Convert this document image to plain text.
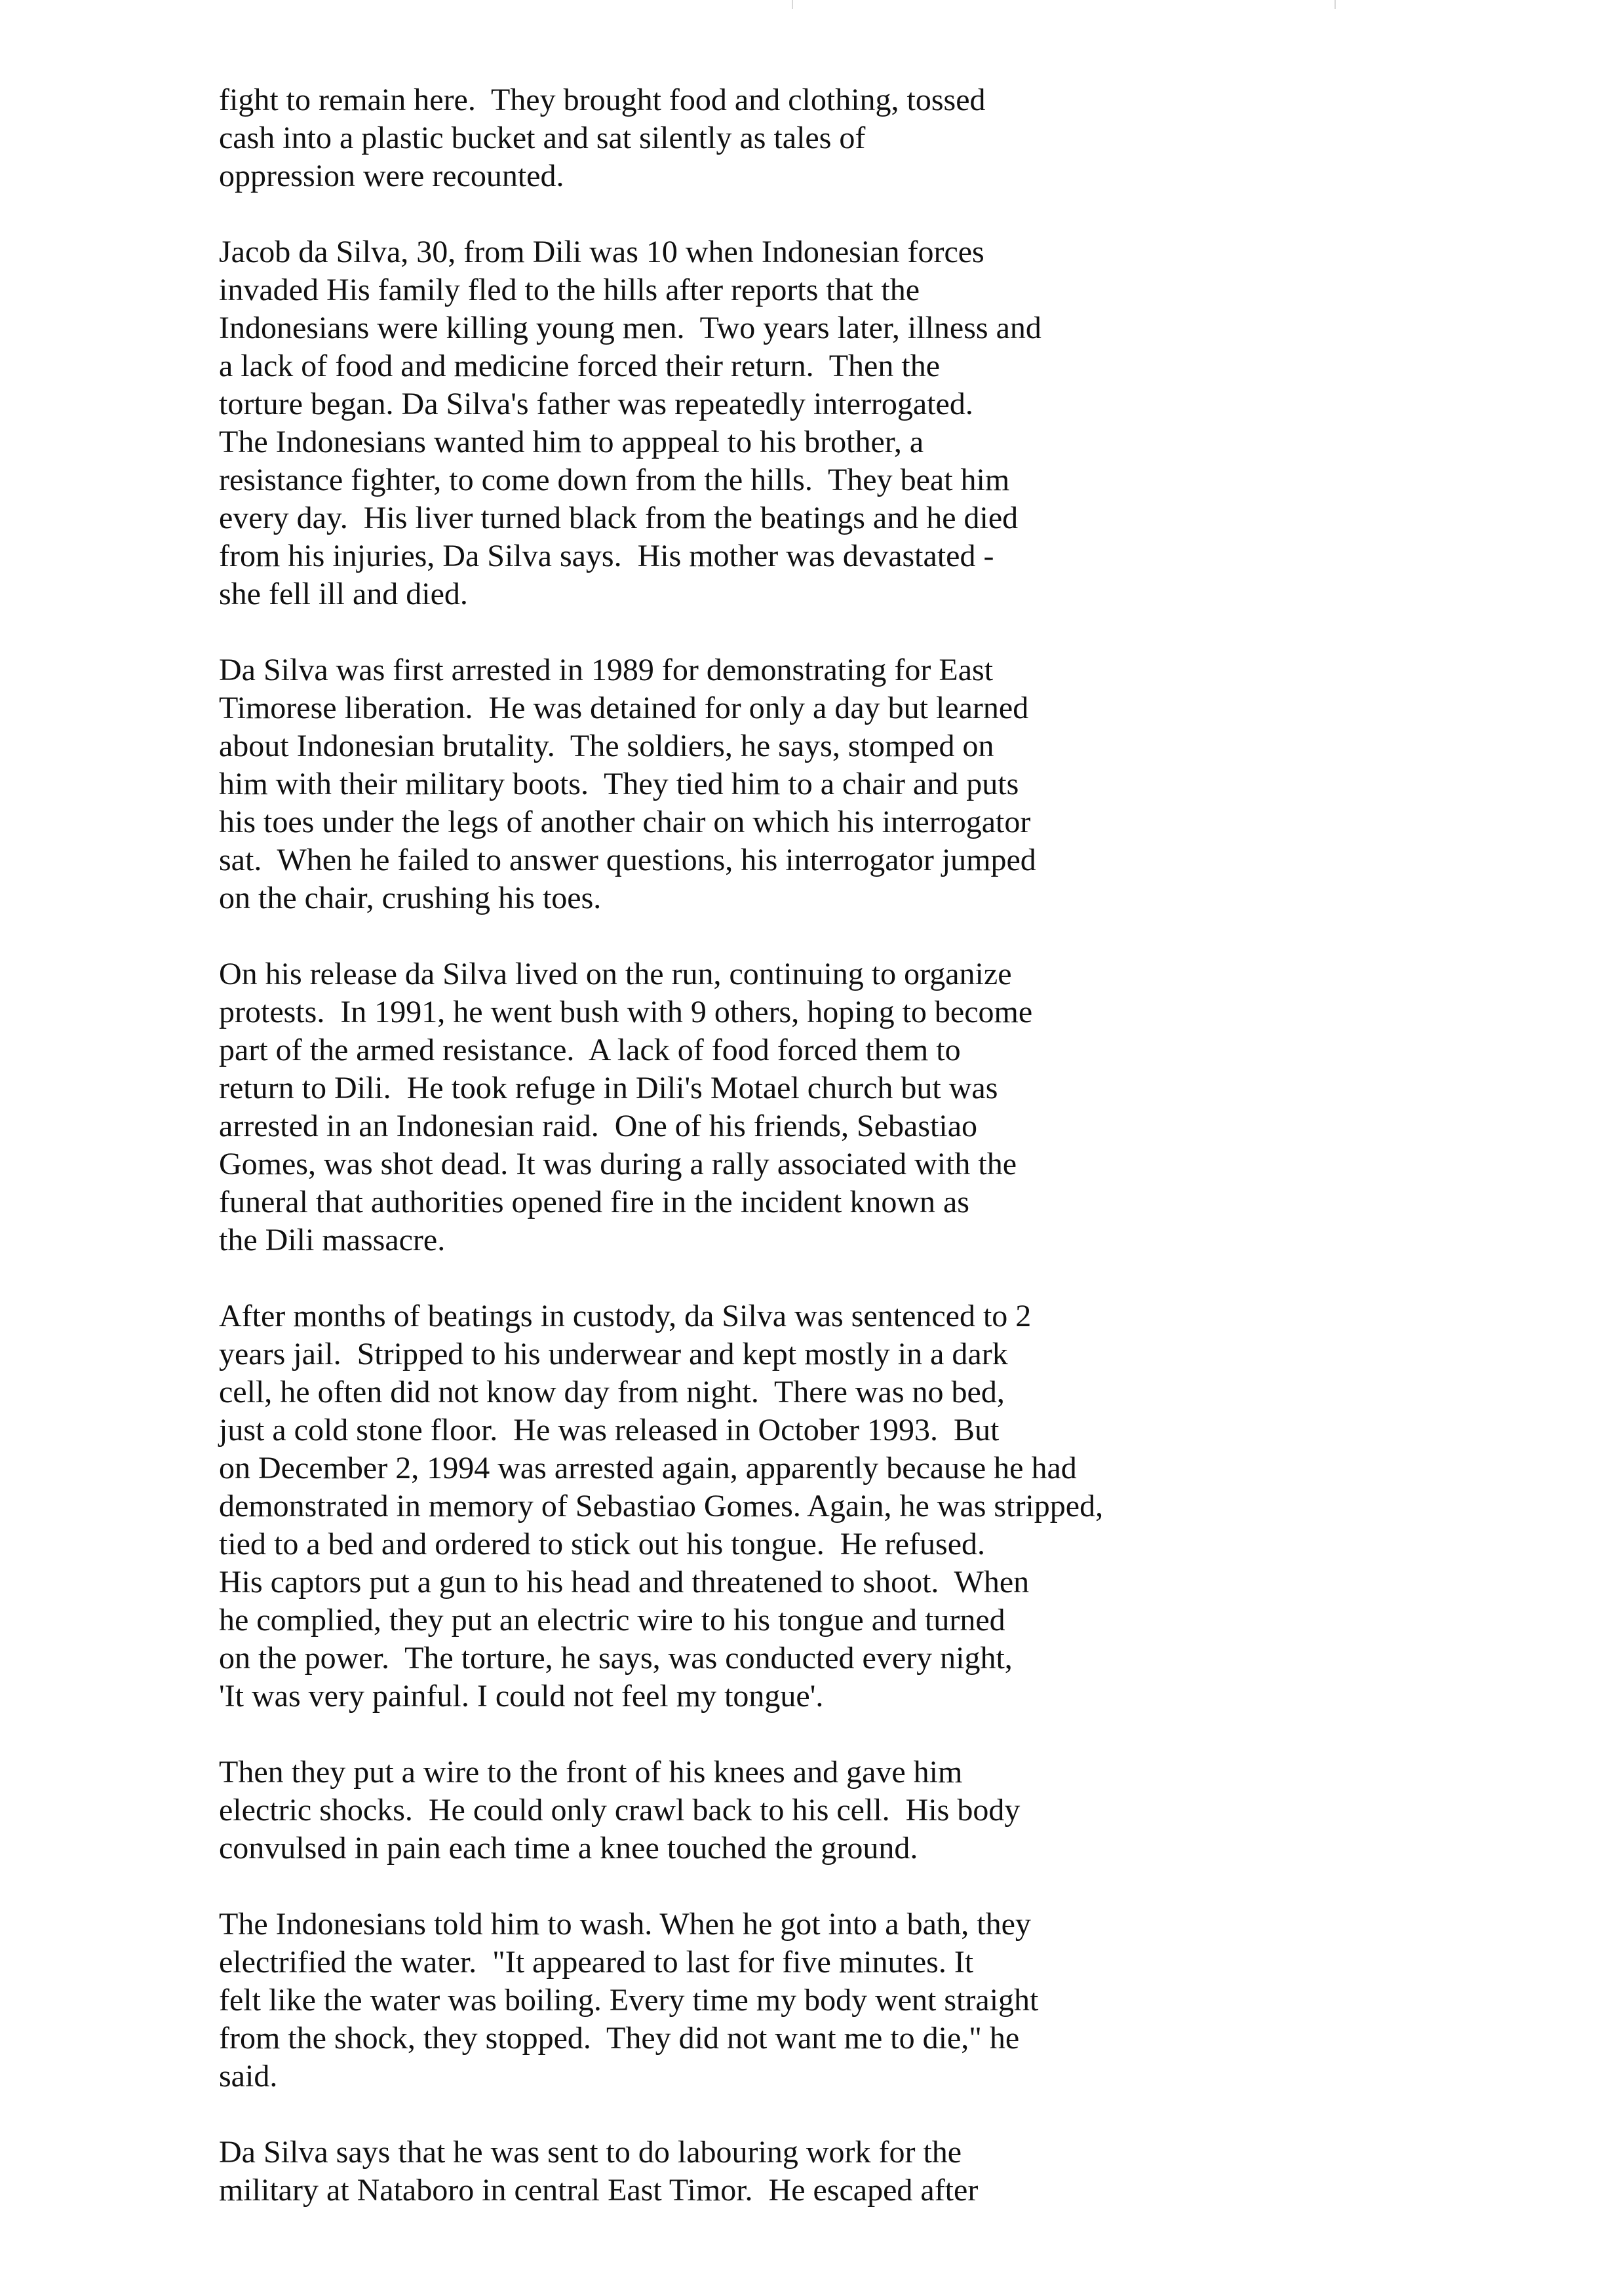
fight to remain here.  They brought food and clothing, tossed
cash into a plastic bucket and sat silently as tales of
oppression were recounted.
Jacob da Silva, 30, from Dili was 10 when Indonesian forces
invaded His family fled to the hills after reports that the
Indonesians were killing young men.  Two years later, illness and
a lack of food and medicine forced their return.  Then the
torture began. Da Silva's father was repeatedly interrogated.
The Indonesians wanted him to apppeal to his brother, a
resistance fighter, to come down from the hills.  They beat him
every day.  His liver turned black from the beatings and he died
from his injuries, Da Silva says.  His mother was devastated -
she fell ill and died.
Da Silva was first arrested in 1989 for demonstrating for East
Timorese liberation.  He was detained for only a day but learned
about Indonesian brutality.  The soldiers, he says, stomped on
him with their military boots.  They tied him to a chair and puts
his toes under the legs of another chair on which his interrogator
sat.  When he failed to answer questions, his interrogator jumped
on the chair, crushing his toes.
On his release da Silva lived on the run, continuing to organize
protests.  In 1991, he went bush with 9 others, hoping to become
part of the armed resistance.  A lack of food forced them to
return to Dili.  He took refuge in Dili's Motael church but was
arrested in an Indonesian raid.  One of his friends, Sebastiao
Gomes, was shot dead. It was during a rally associated with the
funeral that authorities opened fire in the incident known as
the Dili massacre.
After months of beatings in custody, da Silva was sentenced to 2
years jail.  Stripped to his underwear and kept mostly in a dark
cell, he often did not know day from night.  There was no bed,
just a cold stone floor.  He was released in October 1993.  But
on December 2, 1994 was arrested again, apparently because he had
demonstrated in memory of Sebastiao Gomes. Again, he was stripped,
tied to a bed and ordered to stick out his tongue.  He refused.
His captors put a gun to his head and threatened to shoot.  When
he complied, they put an electric wire to his tongue and turned
on the power.  The torture, he says, was conducted every night,
'It was very painful. I could not feel my tongue'.
Then they put a wire to the front of his knees and gave him
electric shocks.  He could only crawl back to his cell.  His body
convulsed in pain each time a knee touched the ground.
The Indonesians told him to wash. When he got into a bath, they
electrified the water.  "It appeared to last for five minutes. It
felt like the water was boiling. Every time my body went straight
from the shock, they stopped.  They did not want me to die," he
said.
Da Silva says that he was sent to do labouring work for the
military at Nataboro in central East Timor.  He escaped after
